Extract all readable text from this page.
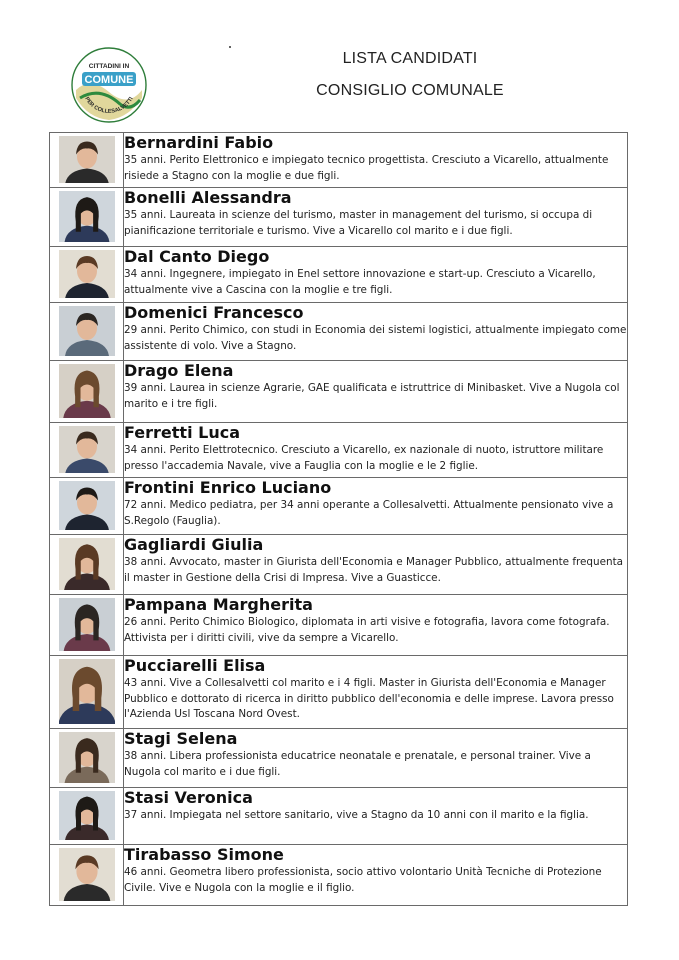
CITTADINI IN
COMUNE
PER COLLESALVETTI
LISTA CANDIDATI
CONSIGLIO COMUNALE

Bernardini Fabio
35 anni. Perito Elettronico e impiegato tecnico progettista. Cresciuto a Vicarello, attualmente risiede a Stagno con la moglie e due figli.

Bonelli Alessandra
35 anni. Laureata in scienze del turismo, master in management del turismo, si occupa di pianificazione territoriale e turismo. Vive a Vicarello col marito e i due figli.

Dal Canto Diego
34 anni. Ingegnere, impiegato in Enel settore innovazione e start-up. Cresciuto a Vicarello, attualmente vive a Cascina con la moglie e tre figli.

Domenici Francesco
29 anni. Perito Chimico, con studi in Economia dei sistemi logistici, attualmente impiegato come assistente di volo. Vive a Stagno.

Drago Elena
39 anni. Laurea in scienze Agrarie, GAE qualificata e istruttrice di Minibasket. Vive a Nugola col marito e i tre figli.

Ferretti Luca
34 anni. Perito Elettrotecnico. Cresciuto a Vicarello, ex nazionale di nuoto, istruttore militare presso l'accademia Navale, vive a Fauglia con la moglie e le 2 figlie.

Frontini Enrico Luciano
72 anni. Medico pediatra, per 34 anni operante a Collesalvetti. Attualmente pensionato vive a S.Regolo (Fauglia).

Gagliardi Giulia
38 anni. Avvocato, master in Giurista dell'Economia e Manager Pubblico, attualmente frequenta il master in Gestione della Crisi di Impresa. Vive a Guasticce.

Pampana Margherita
26 anni. Perito Chimico Biologico, diplomata in arti visive e fotografia, lavora come fotografa. Attivista per i diritti civili, vive da sempre a Vicarello.

Pucciarelli Elisa
43 anni. Vive a Collesalvetti col marito e i 4 figli. Master in Giurista dell'Economia e Manager Pubblico e dottorato di ricerca in diritto pubblico dell'economia e delle imprese. Lavora presso l'Azienda Usl Toscana Nord Ovest.

Stagi Selena
38 anni. Libera professionista educatrice neonatale e prenatale, e personal trainer. Vive a Nugola col marito e i due figli.

Stasi Veronica
37 anni. Impiegata nel settore sanitario, vive a Stagno da 10 anni con il marito e la figlia.

Tirabasso Simone
46 anni. Geometra libero professionista, socio attivo volontario Unità Tecniche di Protezione Civile. Vive e Nugola con la moglie e il figlio.
